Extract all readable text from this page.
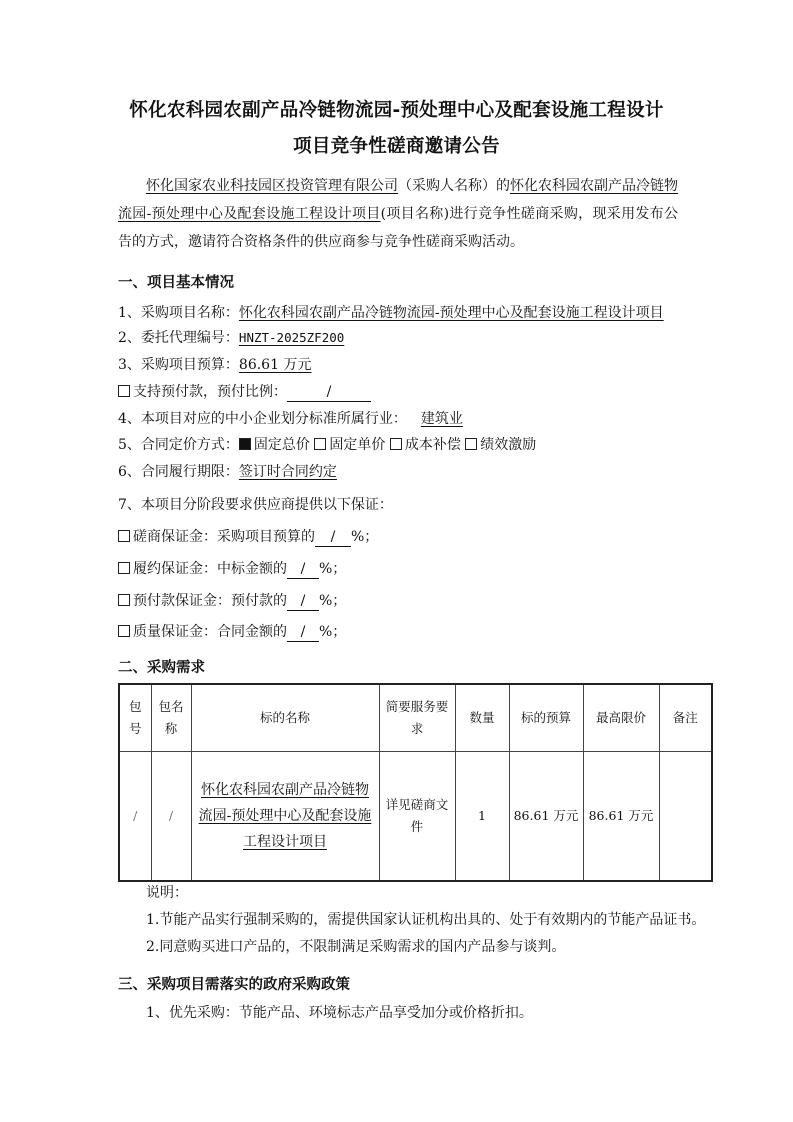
怀化农科园农副产品冷链物流园-预处理中心及配套设施工程设计
项目竞争性磋商邀请公告
怀化国家农业科技园区投资管理有限公司（采购人名称）的怀化农科园农副产品冷链物流园-预处理中心及配套设施工程设计项目(项目名称)进行竞争性磋商采购，现采用发布公告的方式，邀请符合资格条件的供应商参与竞争性磋商采购活动。
一、项目基本情况
1、采购项目名称：怀化农科园农副产品冷链物流园-预处理中心及配套设施工程设计项目
2、委托代理编号：HNZT-2025ZF200
3、采购项目预算：86.61 万元
支持预付款，预付比例：	/
4、本项目对应的中小企业划分标准所属行业： 建筑业
5、合同定价方式： 固定总价 固定单价 成本补偿 绩效激励
6、合同履行期限：签订时合同约定
7、本项目分阶段要求供应商提供以下保证：
磋商保证金：采购项目预算的 / %；
履约保证金：中标金额的 / %；
预付款保证金：预付款的 / %；
质量保证金：合同金额的 / %；
二、采购需求
包号	包名称	标的名称	简要服务要求	数量	标的预算	最高限价	备注
/	/	怀化农科园农副产品冷链物流园-预处理中心及配套设施工程设计项目	详见磋商文件	1	86.61 万元	86.61 万元	
说明：
1.节能产品实行强制采购的，需提供国家认证机构出具的、处于有效期内的节能产品证书。
2.同意购买进口产品的，不限制满足采购需求的国内产品参与谈判。
三、采购项目需落实的政府采购政策
1、优先采购：节能产品、环境标志产品享受加分或价格折扣。
